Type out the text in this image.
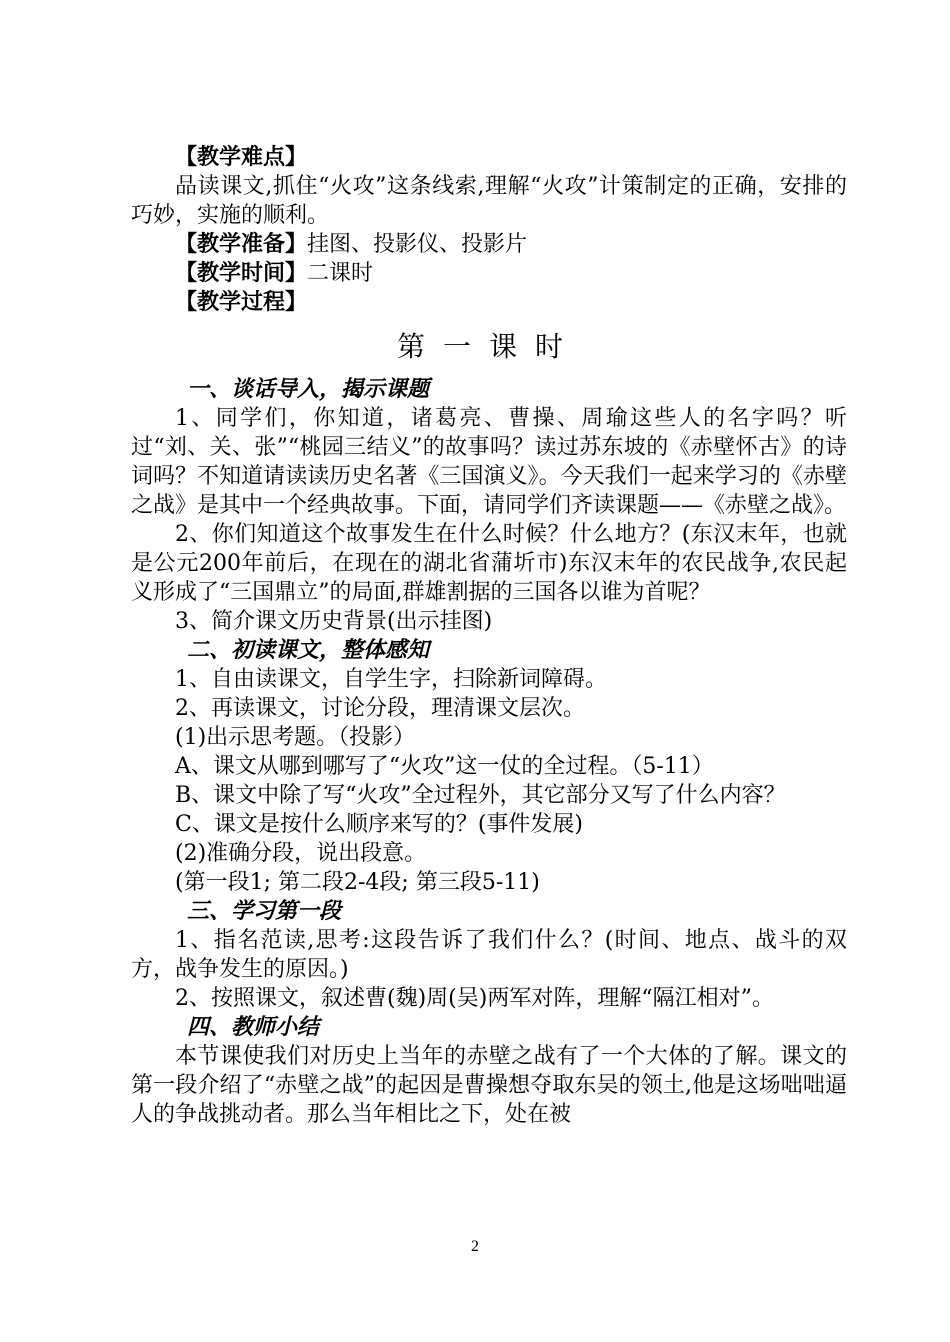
【教学难点】

品读课文,抓住“火攻”这条线索,理解“火攻”计策制定的正确，安排的巧妙，实施的顺利。

【教学准备】挂图、投影仪、投影片

【教学时间】二课时

【教学过程】

第一课时

一、谈话导入，揭示课题

1、同学们，你知道，诸葛亮、曹操、周瑜这些人的名字吗？听过“刘、关、张”“桃园三结义”的故事吗？读过苏东坡的《赤壁怀古》的诗词吗？不知道请读读历史名著《三国演义》。今天我们一起来学习的《赤壁之战》是其中一个经典故事。下面，请同学们齐读课题——《赤壁之战》。

2、你们知道这个故事发生在什么时候？什么地方？(东汉末年，也就是公元200年前后，在现在的湖北省蒲圻市)东汉末年的农民战争,农民起义形成了“三国鼎立”的局面,群雄割据的三国各以谁为首呢？

3、简介课文历史背景(出示挂图)

二、初读课文，整体感知

1、自由读课文，自学生字，扫除新词障碍。

2、再读课文，讨论分段，理清课文层次。

(1)出示思考题。（投影）

A、课文从哪到哪写了“火攻”这一仗的全过程。（5-11）

B、课文中除了写“火攻”全过程外，其它部分又写了什么内容？

C、课文是按什么顺序来写的？(事件发展)

(2)准确分段，说出段意。

(第一段1; 第二段2-4段; 第三段5-11)

三、学习第一段

1、指名范读,思考:这段告诉了我们什么？(时间、地点、战斗的双方，战争发生的原因。)

2、按照课文，叙述曹(魏)周(吴)两军对阵，理解“隔江相对”。

四、教师小结

本节课使我们对历史上当年的赤壁之战有了一个大体的了解。课文的第一段介绍了“赤壁之战”的起因是曹操想夺取东吴的领土,他是这场咄咄逼人的争战挑动者。那么当年相比之下，处在被

2
